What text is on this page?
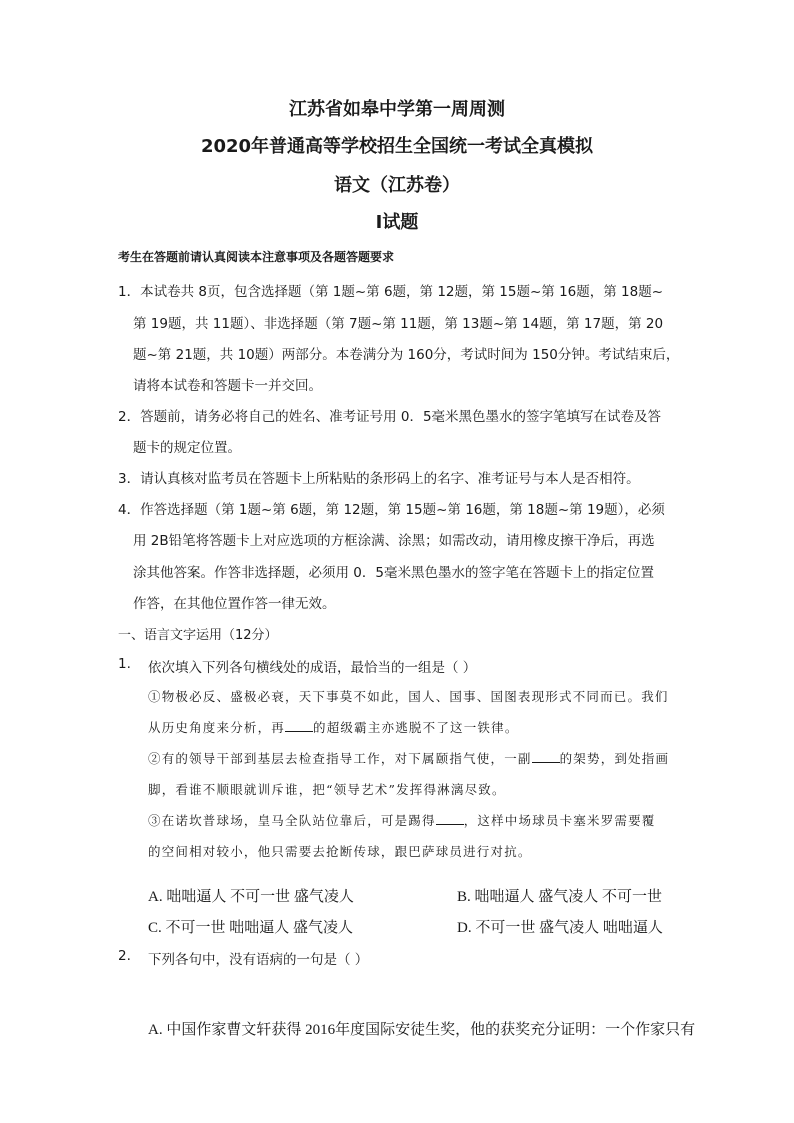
江苏省如皋中学第一周周测
2020年普通高等学校招生全国统一考试全真模拟
语文（江苏卷）
I试题
考生在答题前请认真阅读本注意事项及各题答题要求
1．本试卷共 8页，包含选择题（第 1题~第 6题，第 12题，第 15题~第 16题，第 18题~
第 19题，共 11题）、非选择题（第 7题~第 11题，第 13题~第 14题，第 17题，第 20
题~第 21题，共 10题）两部分。本卷满分为 160分，考试时间为 150分钟。考试结束后，
请将本试卷和答题卡一并交回。
2．答题前，请务必将自己的姓名、准考证号用 0．5毫米黑色墨水的签字笔填写在试卷及答
题卡的规定位置。
3．请认真核对监考员在答题卡上所粘贴的条形码上的名字、准考证号与本人是否相符。
4．作答选择题（第 1题~第 6题，第 12题，第 15题~第 16题，第 18题~第 19题），必须
用 2B铅笔将答题卡上对应选项的方框涂满、涂黑；如需改动，请用橡皮擦干净后，再选
涂其他答案。作答非选择题，必须用 0．5毫米黑色墨水的签字笔在答题卡上的指定位置
作答，在其他位置作答一律无效。
一、语言文字运用（12分）
1. 依次填入下列各句横线处的成语，最恰当的一组是（ ）
①物极必反、盛极必衰，天下事莫不如此，国人、国事、国图表现形式不同而已。我们
从历史角度来分析，再 的超级霸主亦逃脱不了这一铁律。
②有的领导干部到基层去检查指导工作，对下属颐指气使，一副 的架势，到处指画
脚，看谁不顺眼就训斥谁，把“领导艺术”发挥得淋漓尽致。
③在诺坎普球场，皇马全队站位靠后，可是踢得 ，这样中场球员卡塞米罗需要覆
的空间相对较小，他只需要去抢断传球，跟巴萨球员进行对抗。
A. 咄咄逼人 不可一世 盛气凌人	B. 咄咄逼人 盛气凌人 不可一世
C. 不可一世 咄咄逼人 盛气凌人	D. 不可一世 盛气凌人 咄咄逼人
2. 下列各句中，没有语病的一句是（ ）
A. 中国作家曹文轩获得 2016年度国际安徒生奖，他的获奖充分证明：一个作家只有
